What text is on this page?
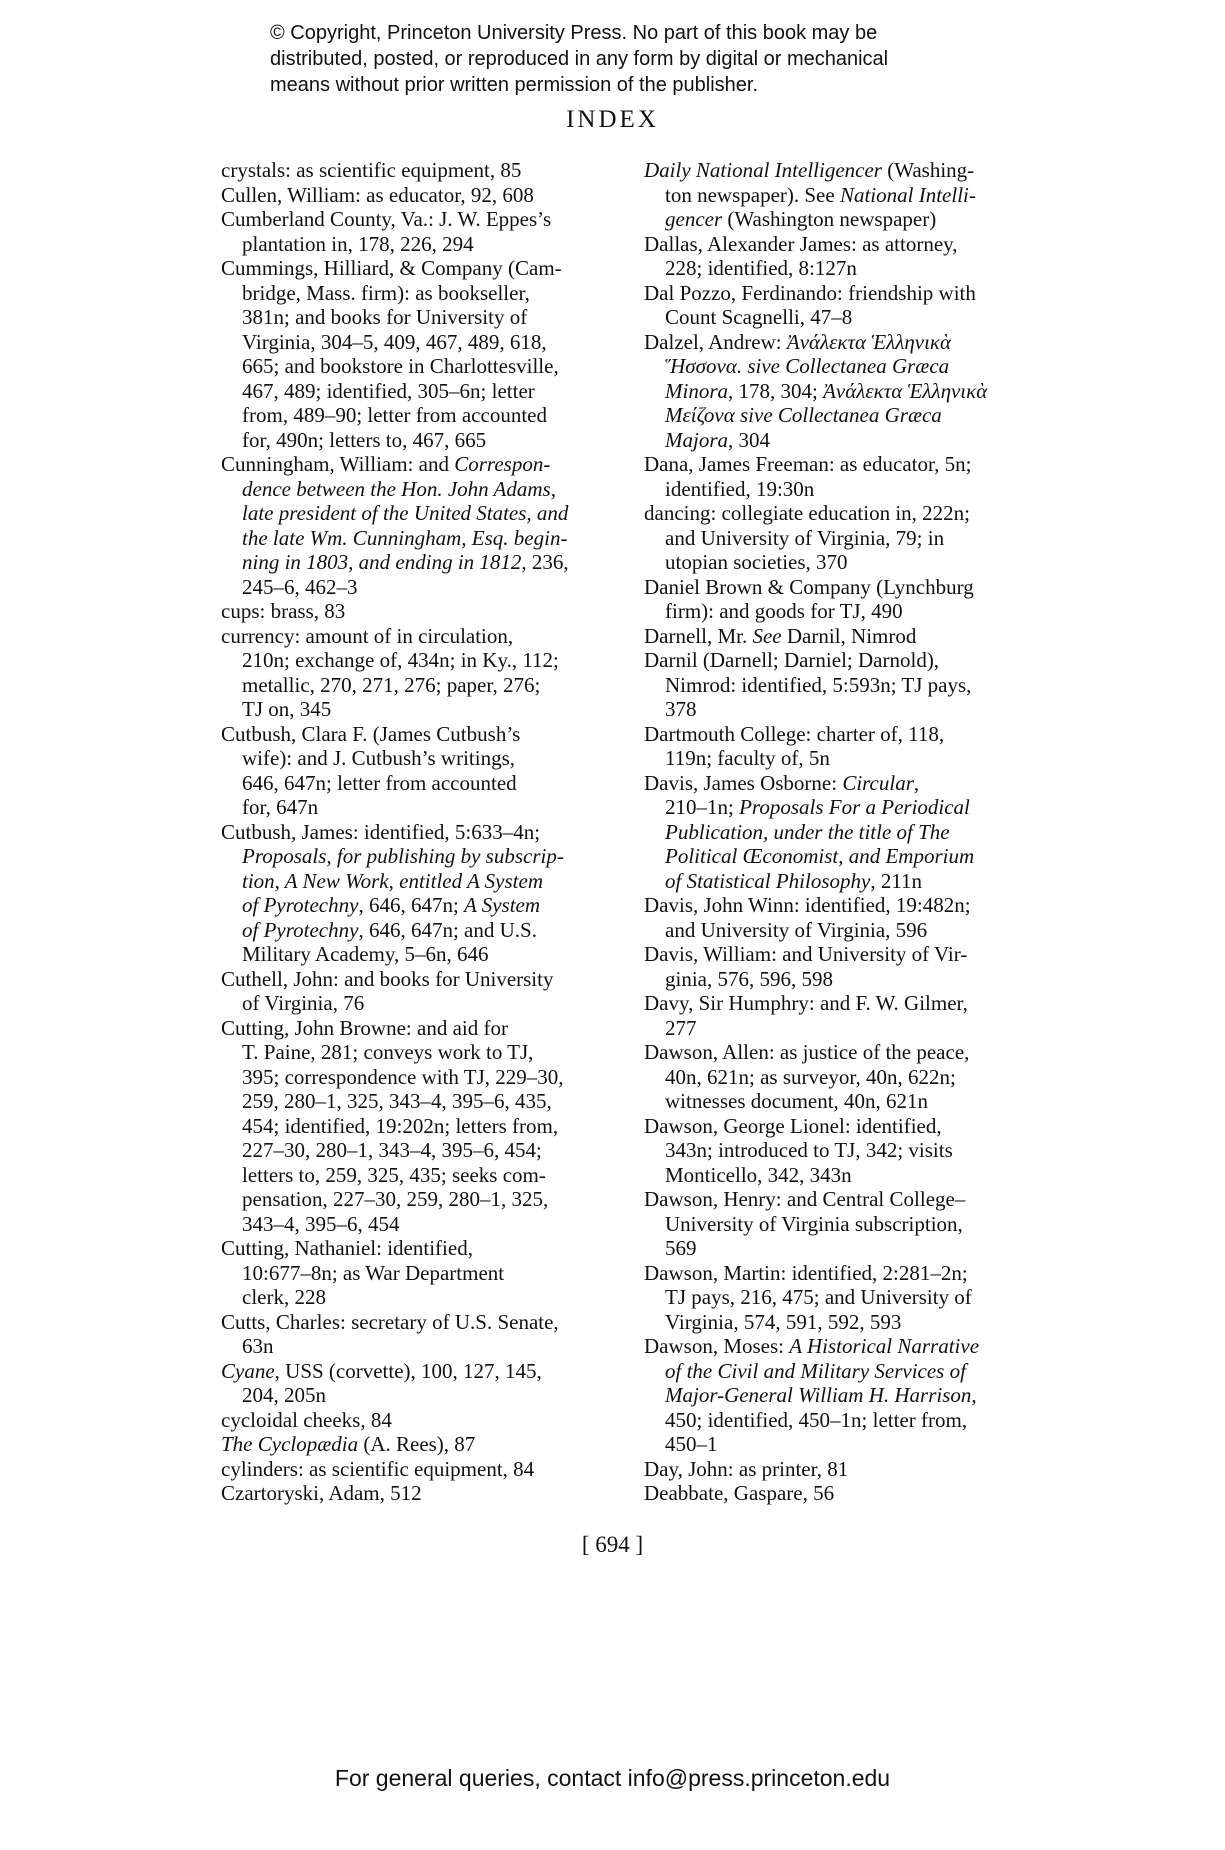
© Copyright, Princeton University Press. No part of this book may be
distributed, posted, or reproduced in any form by digital or mechanical
means without prior written permission of the publisher.
INDEX
crystals: as scientific equipment, 85
Cullen, William: as educator, 92, 608
Cumberland County, Va.: J. W. Eppes’s
plantation in, 178, 226, 294
Cummings, Hilliard, & Company (Cam-
bridge, Mass. firm): as bookseller,
381n; and books for University of
Virginia, 304–5, 409, 467, 489, 618,
665; and bookstore in Charlottesville,
467, 489; identified, 305–6n; letter
from, 489–90; letter from accounted
for, 490n; letters to, 467, 665
Cunningham, William: and Correspon-
dence between the Hon. John Adams,
late president of the United States, and
the late Wm. Cunningham, Esq. begin-
ning in 1803, and ending in 1812, 236,
245–6, 462–3
cups: brass, 83
currency: amount of in circulation,
210n; exchange of, 434n; in Ky., 112;
metallic, 270, 271, 276; paper, 276;
TJ on, 345
Cutbush, Clara F. (James Cutbush’s
wife): and J. Cutbush’s writings,
646, 647n; letter from accounted
for, 647n
Cutbush, James: identified, 5:633–4n;
Proposals, for publishing by subscrip-
tion, A New Work, entitled A System
of Pyrotechny, 646, 647n; A System
of Pyrotechny, 646, 647n; and U.S.
Military Academy, 5–6n, 646
Cuthell, John: and books for University
of Virginia, 76
Cutting, John Browne: and aid for
T. Paine, 281; conveys work to TJ,
395; correspondence with TJ, 229–30,
259, 280–1, 325, 343–4, 395–6, 435,
454; identified, 19:202n; letters from,
227–30, 280–1, 343–4, 395–6, 454;
letters to, 259, 325, 435; seeks com-
pensation, 227–30, 259, 280–1, 325,
343–4, 395–6, 454
Cutting, Nathaniel: identified,
10:677–8n; as War Department
clerk, 228
Cutts, Charles: secretary of U.S. Senate,
63n
Cyane, USS (corvette), 100, 127, 145,
204, 205n
cycloidal cheeks, 84
The Cyclopædia (A. Rees), 87
cylinders: as scientific equipment, 84
Czartoryski, Adam, 512
Daily National Intelligencer (Washing-
ton newspaper). See National Intelli-
gencer (Washington newspaper)
Dallas, Alexander James: as attorney,
228; identified, 8:127n
Dal Pozzo, Ferdinando: friendship with
Count Scagnelli, 47–8
Dalzel, Andrew: Ἀνάλεκτα Ἑλληνικὰ
Ἥσσονα. sive Collectanea Græca
Minora, 178, 304; Ἀνάλεκτα Ἑλληνικὰ
Μείζονα sive Collectanea Græca
Majora, 304
Dana, James Freeman: as educator, 5n;
identified, 19:30n
dancing: collegiate education in, 222n;
and University of Virginia, 79; in
utopian societies, 370
Daniel Brown & Company (Lynchburg
firm): and goods for TJ, 490
Darnell, Mr. See Darnil, Nimrod
Darnil (Darnell; Darniel; Darnold),
Nimrod: identified, 5:593n; TJ pays,
378
Dartmouth College: charter of, 118,
119n; faculty of, 5n
Davis, James Osborne: Circular,
210–1n; Proposals For a Periodical
Publication, under the title of The
Political Œconomist, and Emporium
of Statistical Philosophy, 211n
Davis, John Winn: identified, 19:482n;
and University of Virginia, 596
Davis, William: and University of Vir-
ginia, 576, 596, 598
Davy, Sir Humphry: and F. W. Gilmer,
277
Dawson, Allen: as justice of the peace,
40n, 621n; as surveyor, 40n, 622n;
witnesses document, 40n, 621n
Dawson, George Lionel: identified,
343n; introduced to TJ, 342; visits
Monticello, 342, 343n
Dawson, Henry: and Central College–
University of Virginia subscription,
569
Dawson, Martin: identified, 2:281–2n;
TJ pays, 216, 475; and University of
Virginia, 574, 591, 592, 593
Dawson, Moses: A Historical Narrative
of the Civil and Military Services of
Major-General William H. Harrison,
450; identified, 450–1n; letter from,
450–1
Day, John: as printer, 81
Deabbate, Gaspare, 56
[ 694 ]
For general queries, contact info@press.princeton.edu
